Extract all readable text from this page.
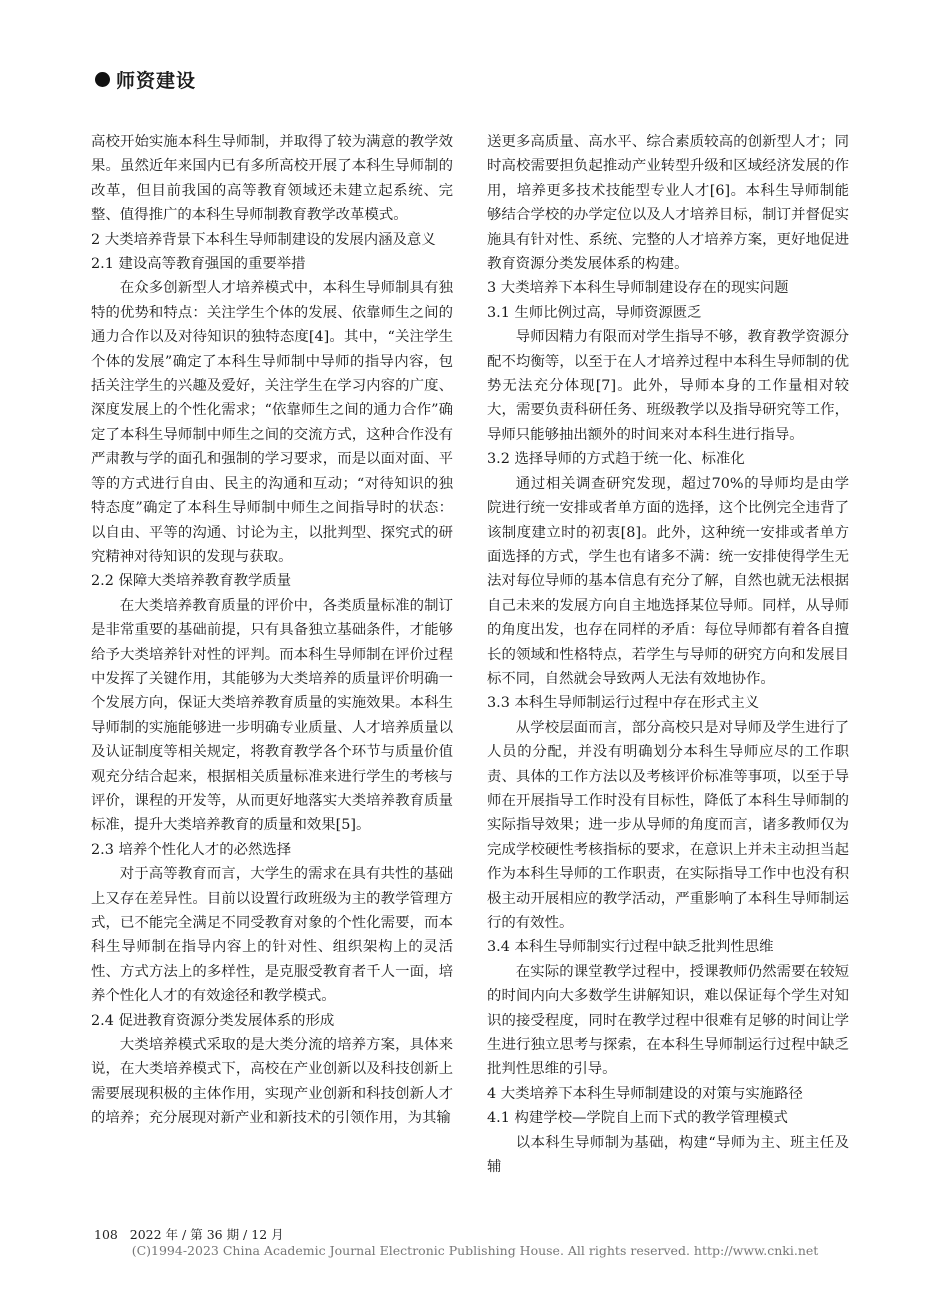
师资建设

高校开始实施本科生导师制，并取得了较为满意的教学效果。虽然近年来国内已有多所高校开展了本科生导师制的改革，但目前我国的高等教育领域还未建立起系统、完整、值得推广的本科生导师制教育教学改革模式。

2 大类培养背景下本科生导师制建设的发展内涵及意义

2.1 建设高等教育强国的重要举措

在众多创新型人才培养模式中，本科生导师制具有独特的优势和特点：关注学生个体的发展、依靠师生之间的通力合作以及对待知识的独特态度[4]。其中，“关注学生个体的发展”确定了本科生导师制中导师的指导内容，包括关注学生的兴趣及爱好，关注学生在学习内容的广度、深度发展上的个性化需求；“依靠师生之间的通力合作”确定了本科生导师制中师生之间的交流方式，这种合作没有严肃教与学的面孔和强制的学习要求，而是以面对面、平等的方式进行自由、民主的沟通和互动；“对待知识的独特态度”确定了本科生导师制中师生之间指导时的状态：以自由、平等的沟通、讨论为主，以批判型、探究式的研究精神对待知识的发现与获取。

2.2 保障大类培养教育教学质量

在大类培养教育质量的评价中，各类质量标准的制订是非常重要的基础前提，只有具备独立基础条件，才能够给予大类培养针对性的评判。而本科生导师制在评价过程中发挥了关键作用，其能够为大类培养的质量评价明确一个发展方向，保证大类培养教育质量的实施效果。本科生导师制的实施能够进一步明确专业质量、人才培养质量以及认证制度等相关规定，将教育教学各个环节与质量价值观充分结合起来，根据相关质量标准来进行学生的考核与评价，课程的开发等，从而更好地落实大类培养教育质量标准，提升大类培养教育的质量和效果[5]。

2.3 培养个性化人才的必然选择

对于高等教育而言，大学生的需求在具有共性的基础上又存在差异性。目前以设置行政班级为主的教学管理方式，已不能完全满足不同受教育对象的个性化需要，而本科生导师制在指导内容上的针对性、组织架构上的灵活性、方式方法上的多样性，是克服受教育者千人一面，培养个性化人才的有效途径和教学模式。

2.4 促进教育资源分类发展体系的形成

大类培养模式采取的是大类分流的培养方案，具体来说，在大类培养模式下，高校在产业创新以及科技创新上需要展现积极的主体作用，实现产业创新和科技创新人才的培养；充分展现对新产业和新技术的引领作用，为其输

送更多高质量、高水平、综合素质较高的创新型人才；同时高校需要担负起推动产业转型升级和区域经济发展的作用，培养更多技术技能型专业人才[6]。本科生导师制能够结合学校的办学定位以及人才培养目标，制订并督促实施具有针对性、系统、完整的人才培养方案，更好地促进教育资源分类发展体系的构建。

3 大类培养下本科生导师制建设存在的现实问题

3.1 生师比例过高，导师资源匮乏

导师因精力有限而对学生指导不够，教育教学资源分配不均衡等，以至于在人才培养过程中本科生导师制的优势无法充分体现[7]。此外，导师本身的工作量相对较大，需要负责科研任务、班级教学以及指导研究等工作，导师只能够抽出额外的时间来对本科生进行指导。

3.2 选择导师的方式趋于统一化、标准化

通过相关调查研究发现，超过70%的导师均是由学院进行统一安排或者单方面的选择，这个比例完全违背了该制度建立时的初衷[8]。此外，这种统一安排或者单方面选择的方式，学生也有诸多不满：统一安排使得学生无法对每位导师的基本信息有充分了解，自然也就无法根据自己未来的发展方向自主地选择某位导师。同样，从导师的角度出发，也存在同样的矛盾：每位导师都有着各自擅长的领域和性格特点，若学生与导师的研究方向和发展目标不同，自然就会导致两人无法有效地协作。

3.3 本科生导师制运行过程中存在形式主义

从学校层面而言，部分高校只是对导师及学生进行了人员的分配，并没有明确划分本科生导师应尽的工作职责、具体的工作方法以及考核评价标准等事项，以至于导师在开展指导工作时没有目标性，降低了本科生导师制的实际指导效果；进一步从导师的角度而言，诸多教师仅为完成学校硬性考核指标的要求，在意识上并未主动担当起作为本科生导师的工作职责，在实际指导工作中也没有积极主动开展相应的教学活动，严重影响了本科生导师制运行的有效性。

3.4 本科生导师制实行过程中缺乏批判性思维

在实际的课堂教学过程中，授课教师仍然需要在较短的时间内向大多数学生讲解知识，难以保证每个学生对知识的接受程度，同时在教学过程中很难有足够的时间让学生进行独立思考与探索，在本科生导师制运行过程中缺乏批判性思维的引导。

4 大类培养下本科生导师制建设的对策与实施路径

4.1 构建学校—学院自上而下式的教学管理模式

以本科生导师制为基础，构建“导师为主、班主任及辅

108 2022 年 / 第 36 期 / 12 月
(C)1994-2023 China Academic Journal Electronic Publishing House. All rights reserved. http://www.cnki.net
